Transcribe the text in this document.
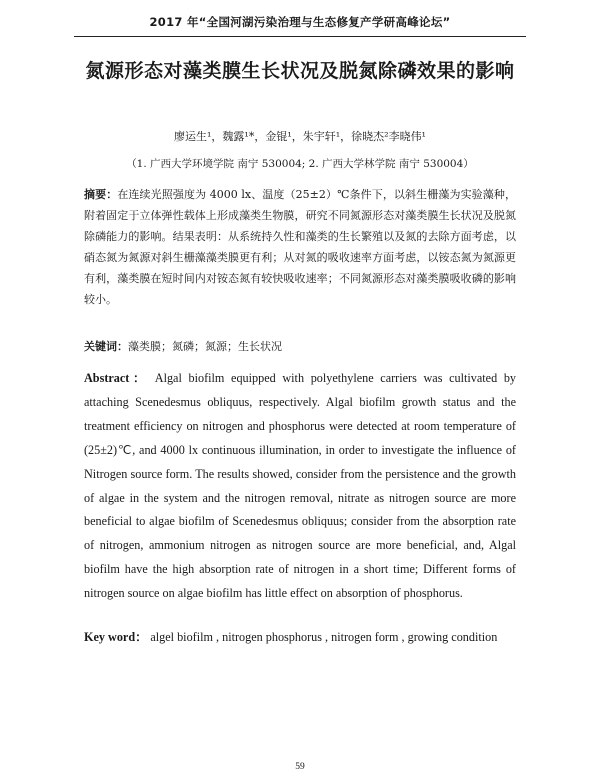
2017 年“全国河湖污染治理与生态修复产学研高峰论坛”
氮源形态对藻类膜生长状况及脱氮除磷效果的影响
廖运生¹，魏露¹*，金锟¹，朱宇轩¹，徐晓杰²李晓伟¹
（1. 广西大学环境学院 南宁 530004; 2. 广西大学林学院 南宁 530004）
摘要：在连续光照强度为 4000 lx、温度（25±2）℃条件下，以斜生栅藻为实验藻种，附着固定于立体弹性载体上形成藻类生物膜，研究不同氮源形态对藻类膜生长状况及脱氮除磷能力的影响。结果表明：从系统持久性和藻类的生长繁殖以及氮的去除方面考虑，以硝态氮为氮源对斜生栅藻藻类膜更有利；从对氮的吸收速率方面考虑，以铵态氮为氮源更有利，藻类膜在短时间内对铵态氮有较快吸收速率；不同氮源形态对藻类膜吸收磷的影响较小。
关键词：藻类膜；氮磷；氮源；生长状况
Abstract： Algal biofilm equipped with polyethylene carriers was cultivated by attaching Scenedesmus obliquus, respectively. Algal biofilm growth status and the treatment efficiency on nitrogen and phosphorus were detected at room temperature of (25±2)℃, and 4000 lx continuous illumination, in order to investigate the influence of Nitrogen source form. The results showed, consider from the persistence and the growth of algae in the system and the nitrogen removal, nitrate as nitrogen source are more beneficial to algae biofilm of Scenedesmus obliquus; consider from the absorption rate of nitrogen, ammonium nitrogen as nitrogen source are more beneficial, and, Algal biofilm have the high absorption rate of nitrogen in a short time; Different forms of nitrogen source on algae biofilm has little effect on absorption of phosphorus.
Key word： algel biofilm , nitrogen phosphorus , nitrogen form , growing condition
59
